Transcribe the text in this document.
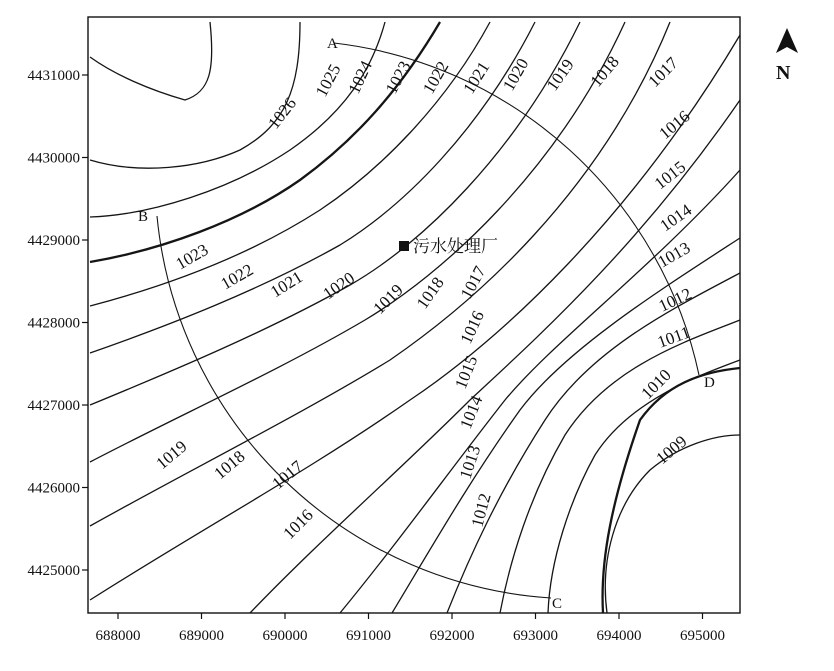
1026
1025 1024 1023 1022 1021 1020 1019 1018 1017
1016
1015
1014
1013
1012
1011
1010
1009
1023
1022 1021 1020 1019 1018 1017
1016
1015
1014
1013
1012
1019 1018 1017
1016
688000	689000	690000	691000	692000	693000	694000	695000
4431000
4430000
4429000
4428000
4427000
4426000
4425000
A
B
C
D
N
污水处理厂
